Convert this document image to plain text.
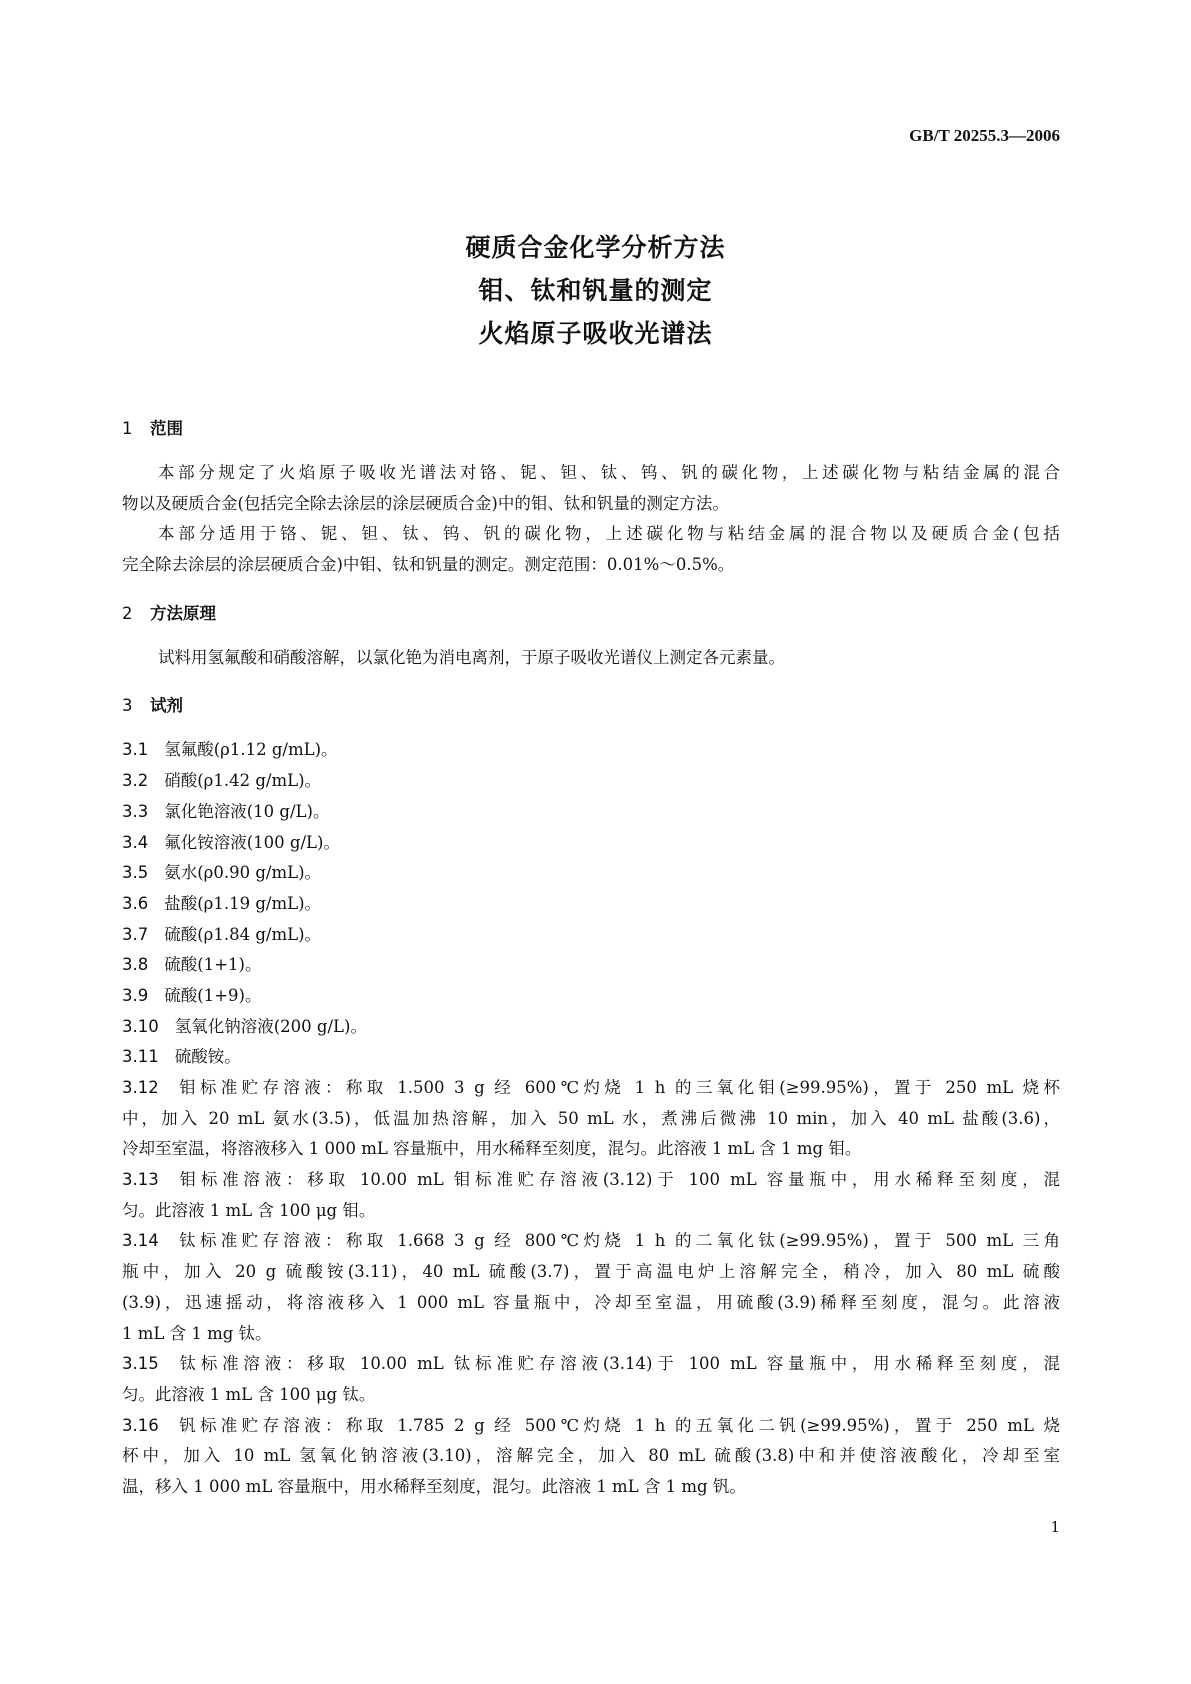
GB/T 20255.3—2006
硬质合金化学分析方法
钼、钛和钒量的测定
火焰原子吸收光谱法
1 范围
本部分规定了火焰原子吸收光谱法对铬、铌、钽、钛、钨、钒的碳化物，上述碳化物与粘结金属的混合
物以及硬质合金(包括完全除去涂层的涂层硬质合金)中的钼、钛和钒量的测定方法。
本部分适用于铬、铌、钽、钛、钨、钒的碳化物，上述碳化物与粘结金属的混合物以及硬质合金(包括
完全除去涂层的涂层硬质合金)中钼、钛和钒量的测定。测定范围：0.01%～0.5%。
2 方法原理
试料用氢氟酸和硝酸溶解，以氯化铯为消电离剂，于原子吸收光谱仪上测定各元素量。
3 试剂
3.1 氢氟酸(ρ1.12 g/mL)。
3.2 硝酸(ρ1.42 g/mL)。
3.3 氯化铯溶液(10 g/L)。
3.4 氟化铵溶液(100 g/L)。
3.5 氨水(ρ0.90 g/mL)。
3.6 盐酸(ρ1.19 g/mL)。
3.7 硫酸(ρ1.84 g/mL)。
3.8 硫酸(1+1)。
3.9 硫酸(1+9)。
3.10 氢氧化钠溶液(200 g/L)。
3.11 硫酸铵。
3.12 钼标准贮存溶液：称取 1.500 3 g 经 600℃灼烧 1 h 的三氧化钼(≥99.95%)，置于 250 mL 烧杯
中，加入 20 mL 氨水(3.5)，低温加热溶解，加入 50 mL 水，煮沸后微沸 10 min，加入 40 mL 盐酸(3.6)，
冷却至室温，将溶液移入 1 000 mL 容量瓶中，用水稀释至刻度，混匀。此溶液 1 mL 含 1 mg 钼。
3.13 钼标准溶液：移取 10.00 mL 钼标准贮存溶液(3.12)于 100 mL 容量瓶中，用水稀释至刻度，混
匀。此溶液 1 mL 含 100 μg 钼。
3.14 钛标准贮存溶液：称取 1.668 3 g 经 800℃灼烧 1 h 的二氧化钛(≥99.95%)，置于 500 mL 三角
瓶中，加入 20 g 硫酸铵(3.11)，40 mL 硫酸(3.7)，置于高温电炉上溶解完全，稍冷，加入 80 mL 硫酸
(3.9)，迅速摇动，将溶液移入 1 000 mL 容量瓶中，冷却至室温，用硫酸(3.9)稀释至刻度，混匀。此溶液
1 mL 含 1 mg 钛。
3.15 钛标准溶液：移取 10.00 mL 钛标准贮存溶液(3.14)于 100 mL 容量瓶中，用水稀释至刻度，混
匀。此溶液 1 mL 含 100 μg 钛。
3.16 钒标准贮存溶液：称取 1.785 2 g 经 500℃灼烧 1 h 的五氧化二钒(≥99.95%)，置于 250 mL 烧
杯中，加入 10 mL 氢氧化钠溶液(3.10)，溶解完全，加入 80 mL 硫酸(3.8)中和并使溶液酸化，冷却至室
温，移入 1 000 mL 容量瓶中，用水稀释至刻度，混匀。此溶液 1 mL 含 1 mg 钒。
1
